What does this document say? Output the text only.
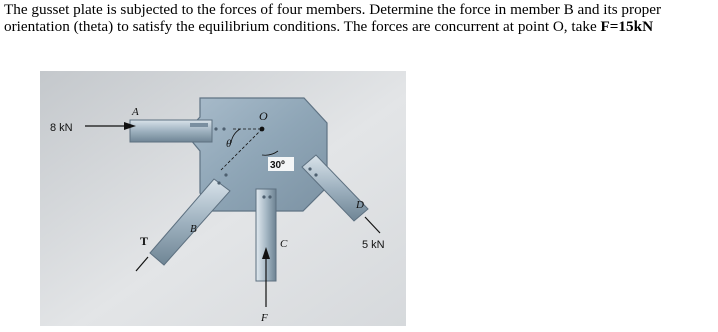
The gusset plate is subjected to the forces of four members. Determine the force in member B and its proper
orientation (theta) to satisfy the equilibrium conditions. The forces are concurrent at point O, take F=15kN
8 kN
A	O
θ
30º
B
T	C
F
D
5 kN
